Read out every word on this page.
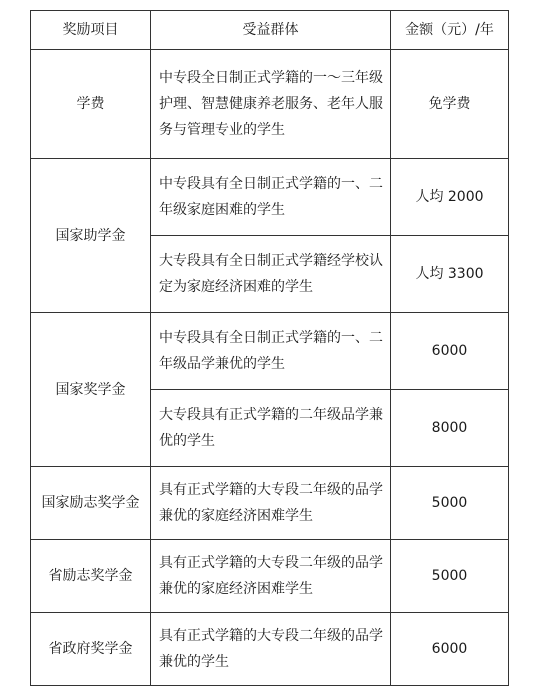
奖励项目	受益群体	金额（元）/年
学费	中专段全日制正式学籍的一～三年级护理、智慧健康养老服务、老年人服务与管理专业的学生	免学费
国家助学金	中专段具有全日制正式学籍的一、二年级家庭困难的学生	人均 2000
	大专段具有全日制正式学籍经学校认定为家庭经济困难的学生	人均 3300
国家奖学金	中专段具有全日制正式学籍的一、二年级品学兼优的学生	6000
	大专段具有正式学籍的二年级品学兼优的学生	8000
国家励志奖学金	具有正式学籍的大专段二年级的品学兼优的家庭经济困难学生	5000
省励志奖学金	具有正式学籍的大专段二年级的品学兼优的家庭经济困难学生	5000
省政府奖学金	具有正式学籍的大专段二年级的品学兼优的学生	6000
